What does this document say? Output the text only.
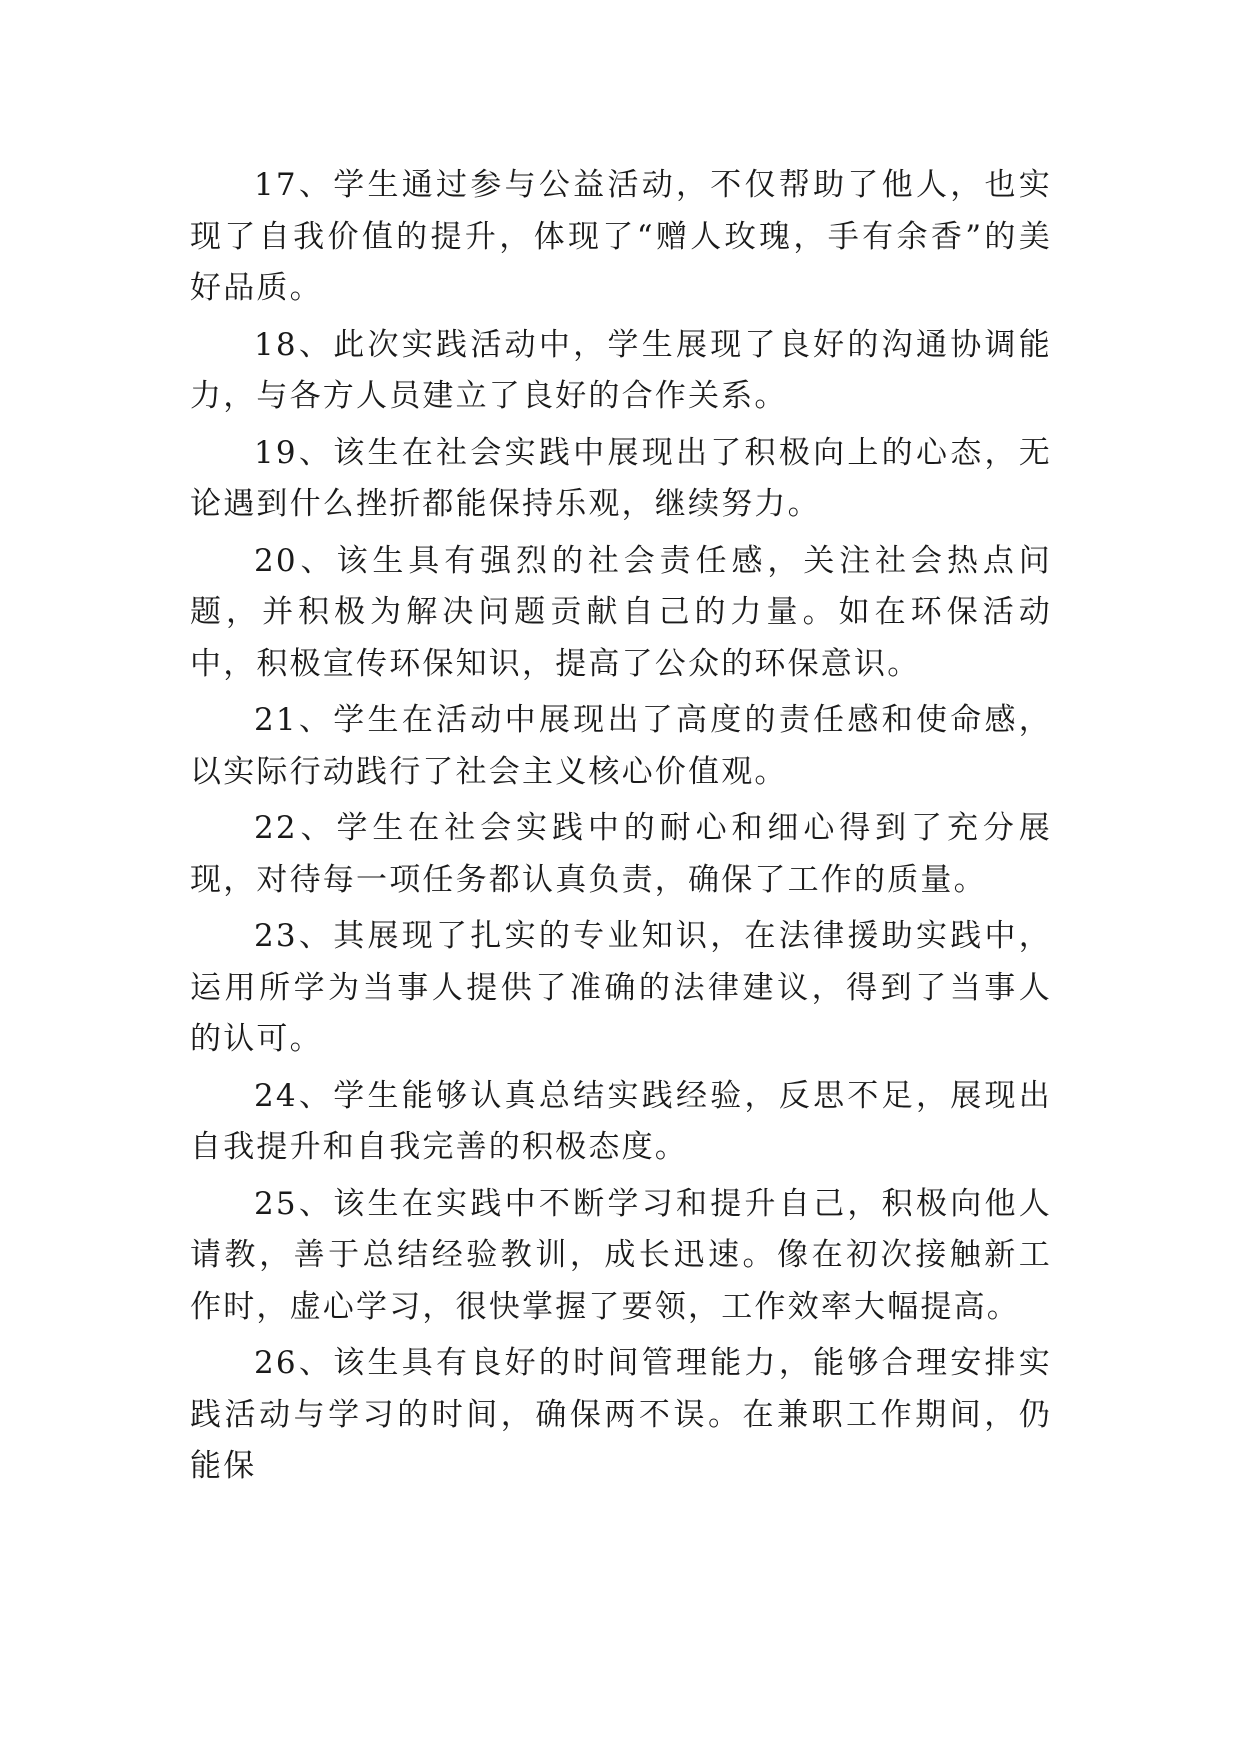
17、学生通过参与公益活动，不仅帮助了他人，也实现了自我价值的提升，体现了“赠人玫瑰，手有余香”的美好品质。

18、此次实践活动中，学生展现了良好的沟通协调能力，与各方人员建立了良好的合作关系。

19、该生在社会实践中展现出了积极向上的心态，无论遇到什么挫折都能保持乐观，继续努力。

20、该生具有强烈的社会责任感，关注社会热点问题，并积极为解决问题贡献自己的力量。如在环保活动中，积极宣传环保知识，提高了公众的环保意识。

21、学生在活动中展现出了高度的责任感和使命感，以实际行动践行了社会主义核心价值观。

22、学生在社会实践中的耐心和细心得到了充分展现，对待每一项任务都认真负责，确保了工作的质量。

23、其展现了扎实的专业知识，在法律援助实践中，运用所学为当事人提供了准确的法律建议，得到了当事人的认可。

24、学生能够认真总结实践经验，反思不足，展现出自我提升和自我完善的积极态度。

25、该生在实践中不断学习和提升自己，积极向他人请教，善于总结经验教训，成长迅速。像在初次接触新工作时，虚心学习，很快掌握了要领，工作效率大幅提高。

26、该生具有良好的时间管理能力，能够合理安排实践活动与学习的时间，确保两不误。在兼职工作期间，仍能保
